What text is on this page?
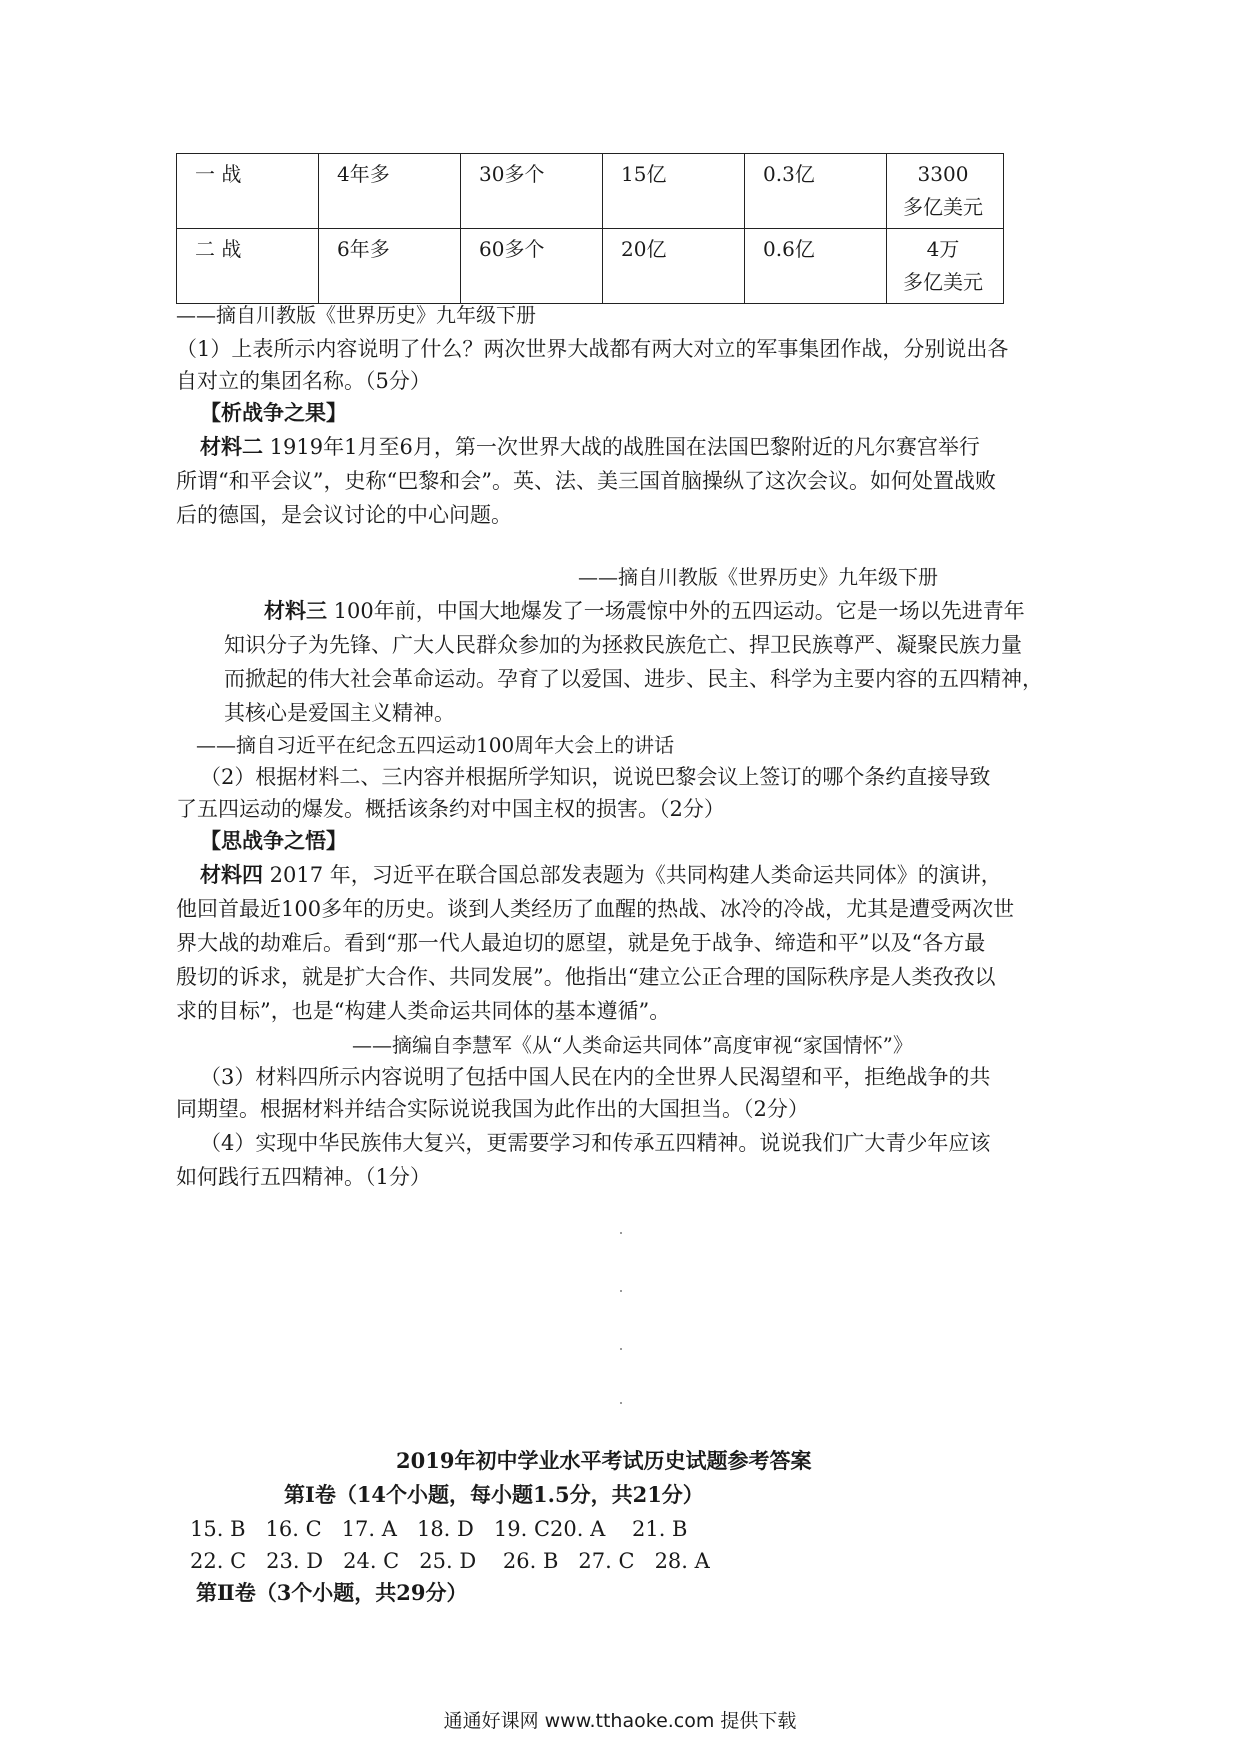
一 战	4年多	30多个	15亿	0.3亿	3300
多亿美元
二 战	6年多	60多个	20亿	0.6亿	4万
多亿美元
——摘自川教版《世界历史》九年级下册
（1）上表所示内容说明了什么？两次世界大战都有两大对立的军事集团作战，分别说出各
自对立的集团名称。（5分）
【析战争之果】
材料二 1919年1月至6月，第一次世界大战的战胜国在法国巴黎附近的凡尔赛宫举行
所谓“和平会议”，史称“巴黎和会”。英、法、美三国首脑操纵了这次会议。如何处置战败
后的德国，是会议讨论的中心问题。
——摘自川教版《世界历史》九年级下册
材料三 100年前，中国大地爆发了一场震惊中外的五四运动。它是一场以先进青年
知识分子为先锋、广大人民群众参加的为拯救民族危亡、捍卫民族尊严、凝聚民族力量
而掀起的伟大社会革命运动。孕育了以爱国、进步、民主、科学为主要内容的五四精神，
其核心是爱国主义精神。
——摘自习近平在纪念五四运动100周年大会上的讲话
（2）根据材料二、三内容并根据所学知识，说说巴黎会议上签订的哪个条约直接导致
了五四运动的爆发。概括该条约对中国主权的损害。（2分）
【思战争之悟】
材料四 2017 年，习近平在联合国总部发表题为《共同构建人类命运共同体》的演讲，
他回首最近100多年的历史。谈到人类经历了血醒的热战、冰冷的冷战，尤其是遭受两次世
界大战的劫难后。看到“那一代人最迫切的愿望，就是免于战争、缔造和平”以及“各方最
殷切的诉求，就是扩大合作、共同发展”。他指出“建立公正合理的国际秩序是人类孜孜以
求的目标”，也是“构建人类命运共同体的基本遵循”。
——摘编自李慧军《从“人类命运共同体”高度审视“家国情怀”》
（3）材料四所示内容说明了包括中国人民在内的全世界人民渴望和平，拒绝战争的共
同期望。根据材料并结合实际说说我国为此作出的大国担当。（2分）
（4）实现中华民族伟大复兴，更需要学习和传承五四精神。说说我们广大青少年应该
如何践行五四精神。（1分）
2019年初中学业水平考试历史试题参考答案
第Ⅰ卷（14个小题，每小题1.5分，共21分）
15. B   16. C   17. A   18. D   19. C20. A    21. B
22. C   23. D   24. C   25. D    26. B   27. C   28. A
第Ⅱ卷（3个小题，共29分）
通通好课网 www.tthaoke.com 提供下载
